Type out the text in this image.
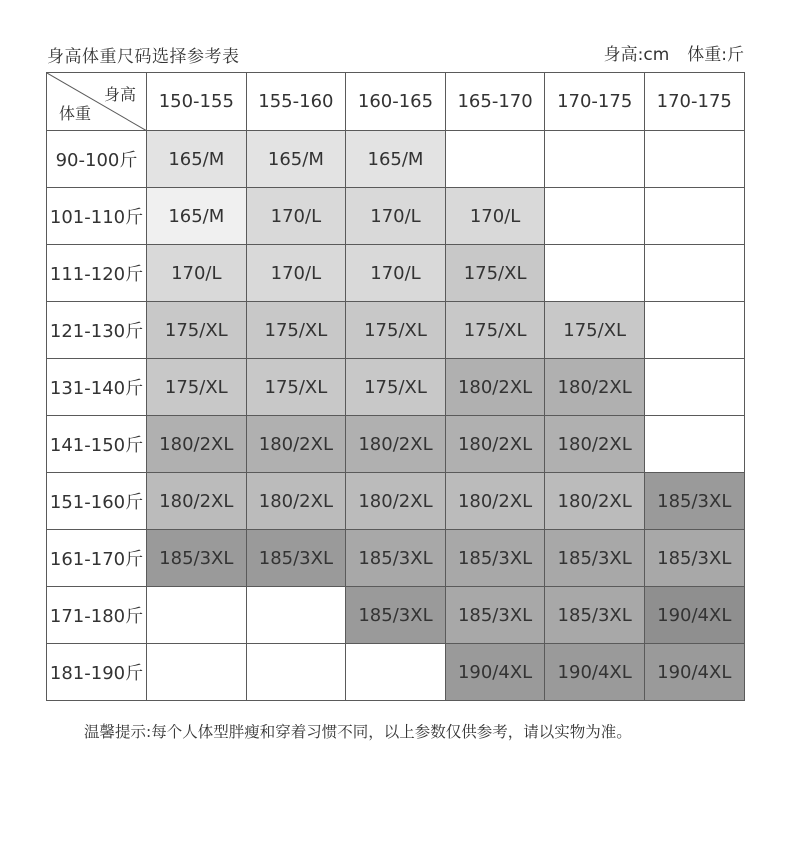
身高体重尺码选择参考表	身高:cm 体重:斤
身高
体重	150-155	155-160	160-165	165-170	170-175	170-175
90-100斤	165/M	165/M	165/M			
101-110斤	165/M	170/L	170/L	170/L		
111-120斤	170/L	170/L	170/L	175/XL		
121-130斤	175/XL	175/XL	175/XL	175/XL	175/XL	
131-140斤	175/XL	175/XL	175/XL	180/2XL	180/2XL	
141-150斤	180/2XL	180/2XL	180/2XL	180/2XL	180/2XL	
151-160斤	180/2XL	180/2XL	180/2XL	180/2XL	180/2XL	185/3XL
161-170斤	185/3XL	185/3XL	185/3XL	185/3XL	185/3XL	185/3XL
171-180斤			185/3XL	185/3XL	185/3XL	190/4XL
181-190斤				190/4XL	190/4XL	190/4XL
温馨提示:每个人体型胖瘦和穿着习惯不同，以上参数仅供参考，请以实物为准。
